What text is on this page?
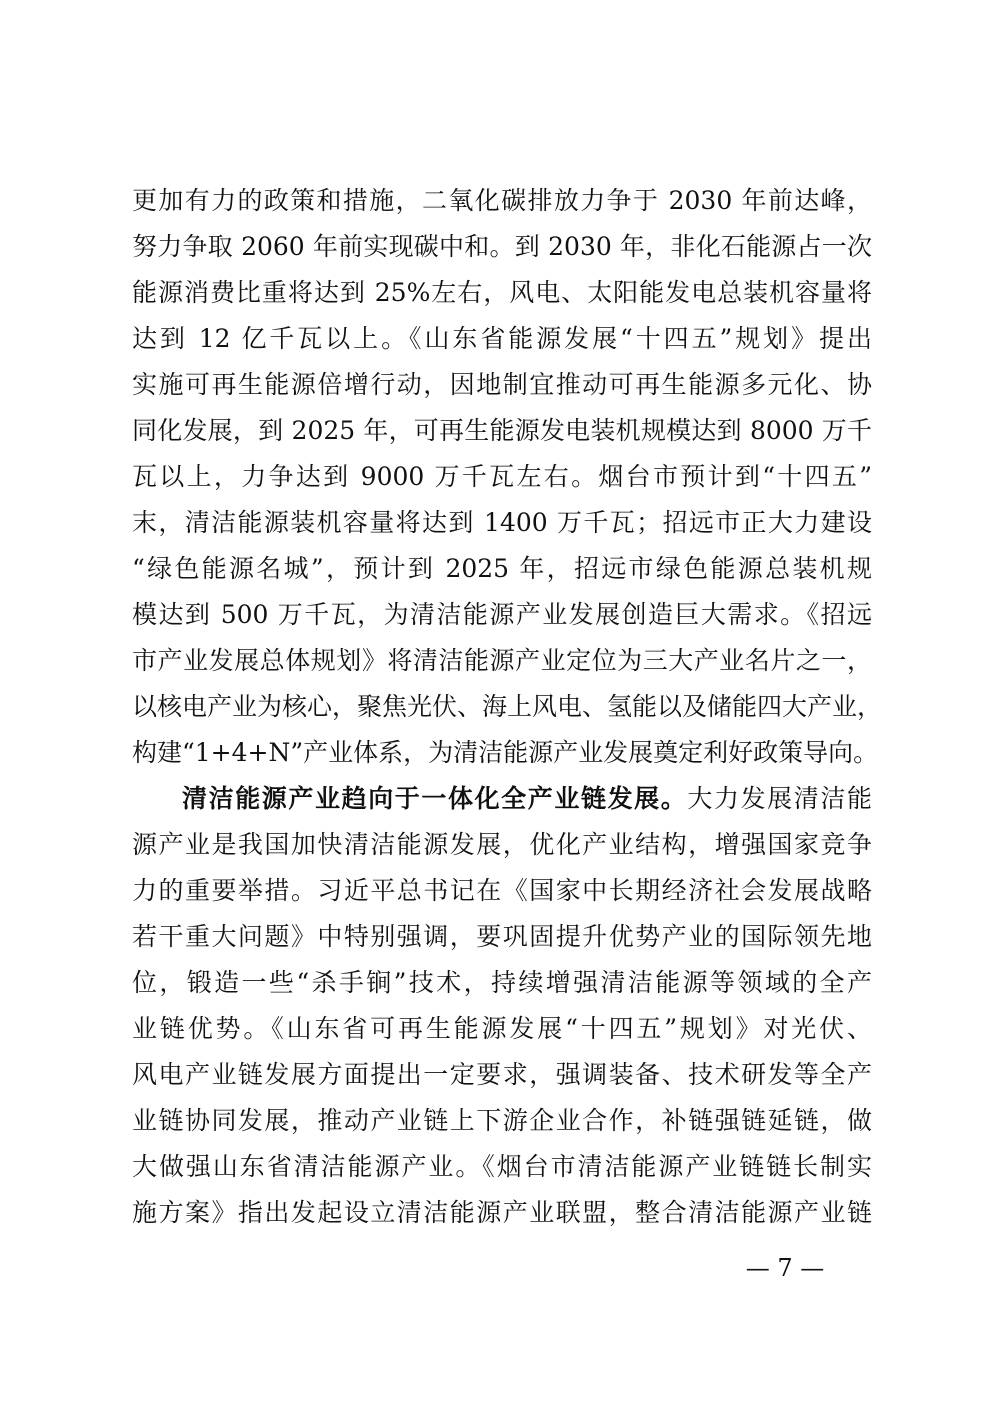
更加有力的政策和措施，二氧化碳排放力争于 2030 年前达峰，
努力争取 2060 年前实现碳中和。到 2030 年，非化石能源占一次
能源消费比重将达到 25%左右，风电、太阳能发电总装机容量将
达到 12 亿千瓦以上。《山东省能源发展“十四五”规划》提出
实施可再生能源倍增行动，因地制宜推动可再生能源多元化、协
同化发展，到 2025 年，可再生能源发电装机规模达到 8000 万千
瓦以上，力争达到 9000 万千瓦左右。烟台市预计到“十四五”
末，清洁能源装机容量将达到 1400 万千瓦；招远市正大力建设
“绿色能源名城”，预计到 2025 年，招远市绿色能源总装机规
模达到 500 万千瓦，为清洁能源产业发展创造巨大需求。《招远
市产业发展总体规划》将清洁能源产业定位为三大产业名片之一，
以核电产业为核心，聚焦光伏、海上风电、氢能以及储能四大产业，
构建“1+4+N”产业体系，为清洁能源产业发展奠定利好政策导向。
清洁能源产业趋向于一体化全产业链发展。大力发展清洁能
源产业是我国加快清洁能源发展，优化产业结构，增强国家竞争
力的重要举措。习近平总书记在《国家中长期经济社会发展战略
若干重大问题》中特别强调，要巩固提升优势产业的国际领先地
位，锻造一些“杀手锏”技术，持续增强清洁能源等领域的全产
业链优势。《山东省可再生能源发展“十四五”规划》对光伏、
风电产业链发展方面提出一定要求，强调装备、技术研发等全产
业链协同发展，推动产业链上下游企业合作，补链强链延链，做
大做强山东省清洁能源产业。《烟台市清洁能源产业链链长制实
施方案》指出发起设立清洁能源产业联盟，整合清洁能源产业链
— 7 —
